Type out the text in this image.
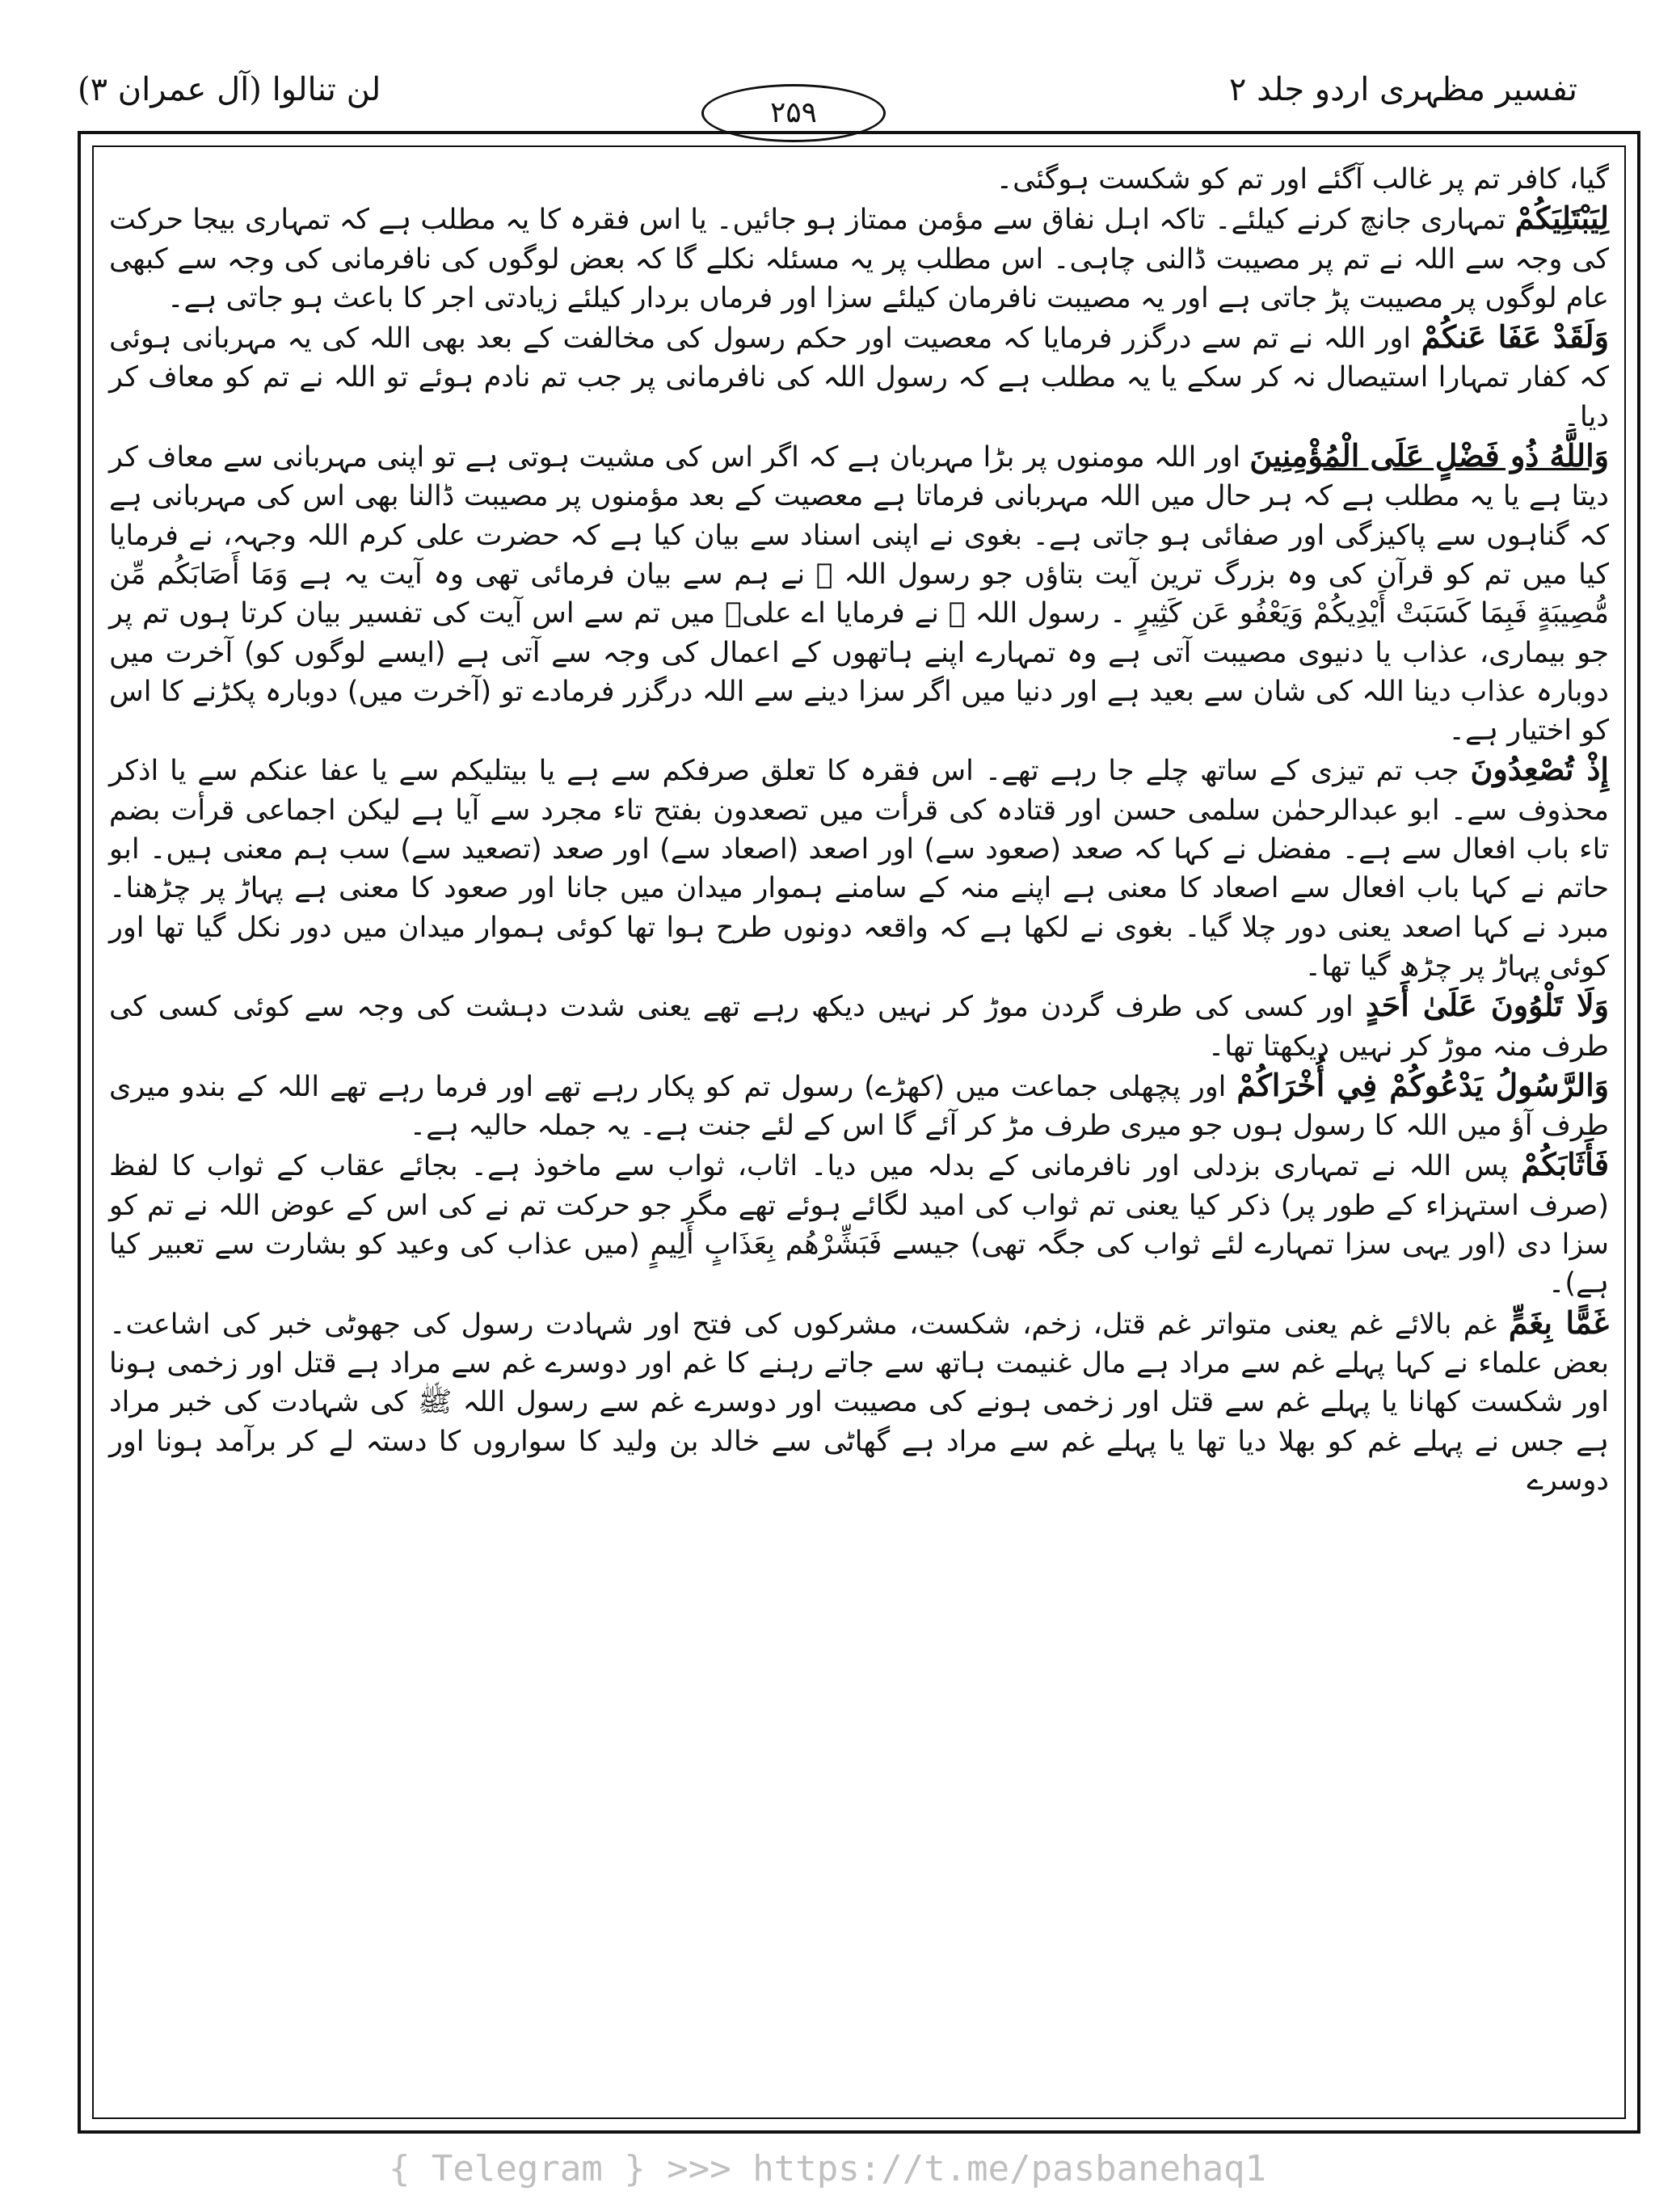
لن تنالوا (آل عمران ۳)
۲۵۹
تفسیر مظہری اردو جلد ۲

گیا، کافر تم پر غالب آگئے اور تم کو شکست ہوگئی۔

لِيَبْتَلِيَكُمْ تمہاری جانچ کرنے کیلئے۔ تاکہ اہل نفاق سے مؤمن ممتاز ہو جائیں۔ یا اس فقرہ کا یہ مطلب ہے کہ تمہاری بیجا حرکت کی وجہ سے اللہ نے تم پر مصیبت ڈالنی چاہی۔ اس مطلب پر یہ مسئلہ نکلے گا کہ بعض لوگوں کی نافرمانی کی وجہ سے کبھی عام لوگوں پر مصیبت پڑ جاتی ہے اور یہ مصیبت نافرمان کیلئے سزا اور فرماں بردار کیلئے زیادتی اجر کا باعث ہو جاتی ہے۔

وَلَقَدْ عَفَا عَنكُمْ اور اللہ نے تم سے درگزر فرمایا کہ معصیت اور حکم رسول کی مخالفت کے بعد بھی اللہ کی یہ مہربانی ہوئی کہ کفار تمہارا استیصال نہ کر سکے یا یہ مطلب ہے کہ رسول اللہ کی نافرمانی پر جب تم نادم ہوئے تو اللہ نے تم کو معاف کر دیا۔

وَاللَّهُ ذُو فَضْلٍ عَلَى الْمُؤْمِنِينَ اور اللہ مومنوں پر بڑا مہربان ہے کہ اگر اس کی مشیت ہوتی ہے تو اپنی مہربانی سے معاف کر دیتا ہے یا یہ مطلب ہے کہ ہر حال میں اللہ مہربانی فرماتا ہے معصیت کے بعد مؤمنوں پر مصیبت ڈالنا بھی اس کی مہربانی ہے کہ گناہوں سے پاکیزگی اور صفائی ہو جاتی ہے۔ بغوی نے اپنی اسناد سے بیان کیا ہے کہ حضرت علی کرم اللہ وجہہ، نے فرمایا کیا میں تم کو قرآن کی وہ بزرگ ترین آیت بتاؤں جو رسول اللہ ﷺ نے ہم سے بیان فرمائی تھی وہ آیت یہ ہے وَمَا أَصَابَكُم مِّن مُّصِيبَةٍ فَبِمَا كَسَبَتْ أَيْدِيكُمْ وَيَعْفُو عَن كَثِيرٍ ۔ رسول اللہ ﷺ نے فرمایا اے علیؓ میں تم سے اس آیت کی تفسیر بیان کرتا ہوں تم پر جو بیماری، عذاب یا دنیوی مصیبت آتی ہے وہ تمہارے اپنے ہاتھوں کے اعمال کی وجہ سے آتی ہے (ایسے لوگوں کو) آخرت میں دوبارہ عذاب دینا اللہ کی شان سے بعید ہے اور دنیا میں اگر سزا دینے سے اللہ درگزر فرمادے تو (آخرت میں) دوبارہ پکڑنے کا اس کو اختیار ہے۔

إِذْ تُصْعِدُونَ جب تم تیزی کے ساتھ چلے جا رہے تھے۔ اس فقرہ کا تعلق صرفکم سے ہے یا بیتلیکم سے یا عفا عنکم سے یا اذکر محذوف سے۔ ابو عبدالرحمٰن سلمی حسن اور قتادہ کی قرأت میں تصعدون بفتح تاء مجرد سے آیا ہے لیکن اجماعی قرأت بضم تاء باب افعال سے ہے۔ مفضل نے کہا کہ صعد (صعود سے) اور اصعد (اصعاد سے) اور صعد (تصعید سے) سب ہم معنی ہیں۔ ابو حاتم نے کہا باب افعال سے اصعاد کا معنی ہے اپنے منہ کے سامنے ہموار میدان میں جانا اور صعود کا معنی ہے پہاڑ پر چڑھنا۔ مبرد نے کہا اصعد یعنی دور چلا گیا۔ بغوی نے لکھا ہے کہ واقعہ دونوں طرح ہوا تھا کوئی ہموار میدان میں دور نکل گیا تھا اور کوئی پہاڑ پر چڑھ گیا تھا۔

وَلَا تَلْوُونَ عَلَىٰ أَحَدٍ اور کسی کی طرف گردن موڑ کر نہیں دیکھ رہے تھے یعنی شدت دہشت کی وجہ سے کوئی کسی کی طرف منہ موڑ کر نہیں دیکھتا تھا۔

وَالرَّسُولُ يَدْعُوكُمْ فِي أُخْرَاكُمْ اور پچھلی جماعت میں (کھڑے) رسول تم کو پکار رہے تھے اور فرما رہے تھے اللہ کے بندو میری طرف آؤ میں اللہ کا رسول ہوں جو میری طرف مڑ کر آئے گا اس کے لئے جنت ہے۔ یہ جملہ حالیہ ہے۔

فَأَثَابَكُمْ پس اللہ نے تمہاری بزدلی اور نافرمانی کے بدلہ میں دیا۔ اثاب، ثواب سے ماخوذ ہے۔ بجائے عقاب کے ثواب کا لفظ (صرف استہزاء کے طور پر) ذکر کیا یعنی تم ثواب کی امید لگائے ہوئے تھے مگر جو حرکت تم نے کی اس کے عوض اللہ نے تم کو سزا دی (اور یہی سزا تمہارے لئے ثواب کی جگہ تھی) جیسے فَبَشِّرْهُم بِعَذَابٍ أَلِيمٍ (میں عذاب کی وعید کو بشارت سے تعبیر کیا ہے)۔

غَمًّا بِغَمٍّ غم بالائے غم یعنی متواتر غم قتل، زخم، شکست، مشرکوں کی فتح اور شہادت رسول کی جھوٹی خبر کی اشاعت۔ بعض علماء نے کہا پہلے غم سے مراد ہے مال غنیمت ہاتھ سے جاتے رہنے کا غم اور دوسرے غم سے مراد ہے قتل اور زخمی ہونا اور شکست کھانا یا پہلے غم سے قتل اور زخمی ہونے کی مصیبت اور دوسرے غم سے رسول اللہ ﷺ کی شہادت کی خبر مراد ہے جس نے پہلے غم کو بھلا دیا تھا یا پہلے غم سے مراد ہے گھاٹی سے خالد بن ولید کا سواروں کا دستہ لے کر برآمد ہونا اور دوسرے

{ Telegram } >>> https://t.me/pasbanehaq1
